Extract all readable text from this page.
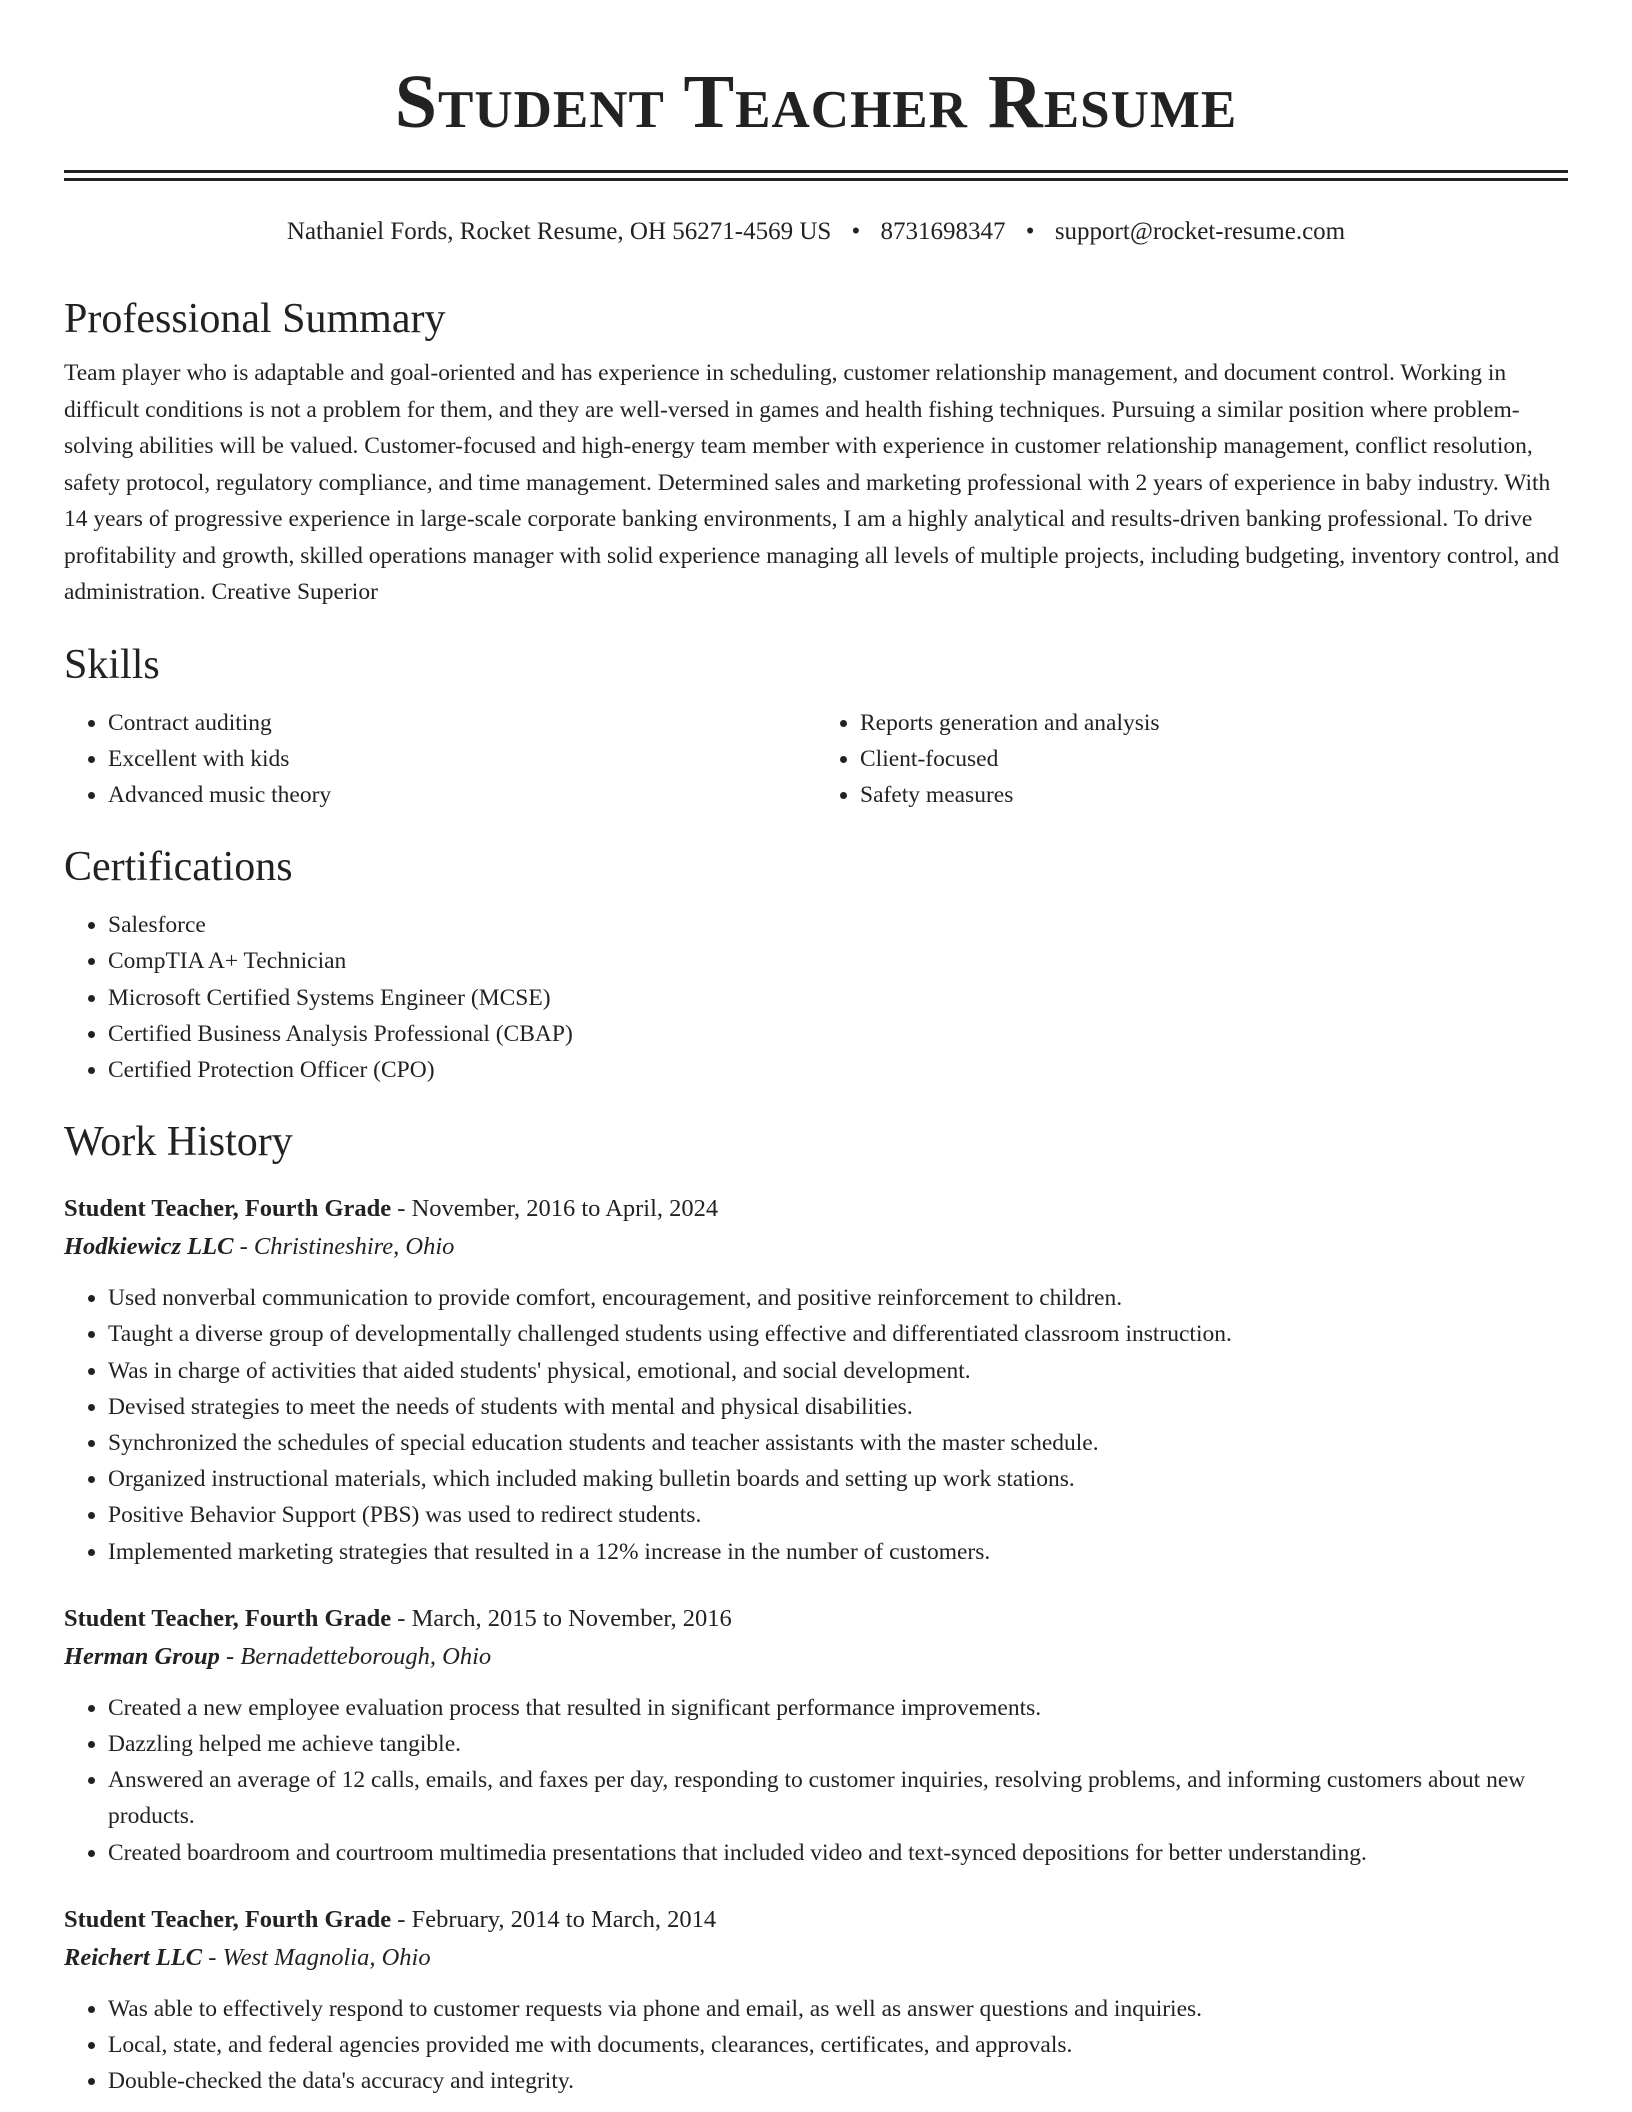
Student Teacher Resume
Nathaniel Fords, Rocket Resume, OH 56271-4569 US • 8731698347 • support@rocket-resume.com
Professional Summary

Team player who is adaptable and goal-oriented and has experience in scheduling, customer relationship management, and document control. Working in difficult conditions is not a problem for them, and they are well-versed in games and health fishing techniques. Pursuing a similar position where problem-solving abilities will be valued. Customer-focused and high-energy team member with experience in customer relationship management, conflict resolution, safety protocol, regulatory compliance, and time management. Determined sales and marketing professional with 2 years of experience in baby industry. With 14 years of progressive experience in large-scale corporate banking environments, I am a highly analytical and results-driven banking professional. To drive profitability and growth, skilled operations manager with solid experience managing all levels of multiple projects, including budgeting, inventory control, and administration. Creative Superior

Skills
• Contract auditing
• Excellent with kids
• Advanced music theory
• Reports generation and analysis
• Client-focused
• Safety measures
Certifications
• Salesforce
• CompTIA A+ Technician
• Microsoft Certified Systems Engineer (MCSE)
• Certified Business Analysis Professional (CBAP)
• Certified Protection Officer (CPO)
Work History
Student Teacher, Fourth Grade - November, 2016 to April, 2024
Hodkiewicz LLC - Christineshire, Ohio
• Used nonverbal communication to provide comfort, encouragement, and positive reinforcement to children.
• Taught a diverse group of developmentally challenged students using effective and differentiated classroom instruction.
• Was in charge of activities that aided students' physical, emotional, and social development.
• Devised strategies to meet the needs of students with mental and physical disabilities.
• Synchronized the schedules of special education students and teacher assistants with the master schedule.
• Organized instructional materials, which included making bulletin boards and setting up work stations.
• Positive Behavior Support (PBS) was used to redirect students.
• Implemented marketing strategies that resulted in a 12% increase in the number of customers.
Student Teacher, Fourth Grade - March, 2015 to November, 2016
Herman Group - Bernadetteborough, Ohio
• Created a new employee evaluation process that resulted in significant performance improvements.
• Dazzling helped me achieve tangible.
• Answered an average of 12 calls, emails, and faxes per day, responding to customer inquiries, resolving problems, and informing customers about new products.
• Created boardroom and courtroom multimedia presentations that included video and text-synced depositions for better understanding.
Student Teacher, Fourth Grade - February, 2014 to March, 2014
Reichert LLC - West Magnolia, Ohio
• Was able to effectively respond to customer requests via phone and email, as well as answer questions and inquiries.
• Local, state, and federal agencies provided me with documents, clearances, certificates, and approvals.
• Double-checked the data's accuracy and integrity.
